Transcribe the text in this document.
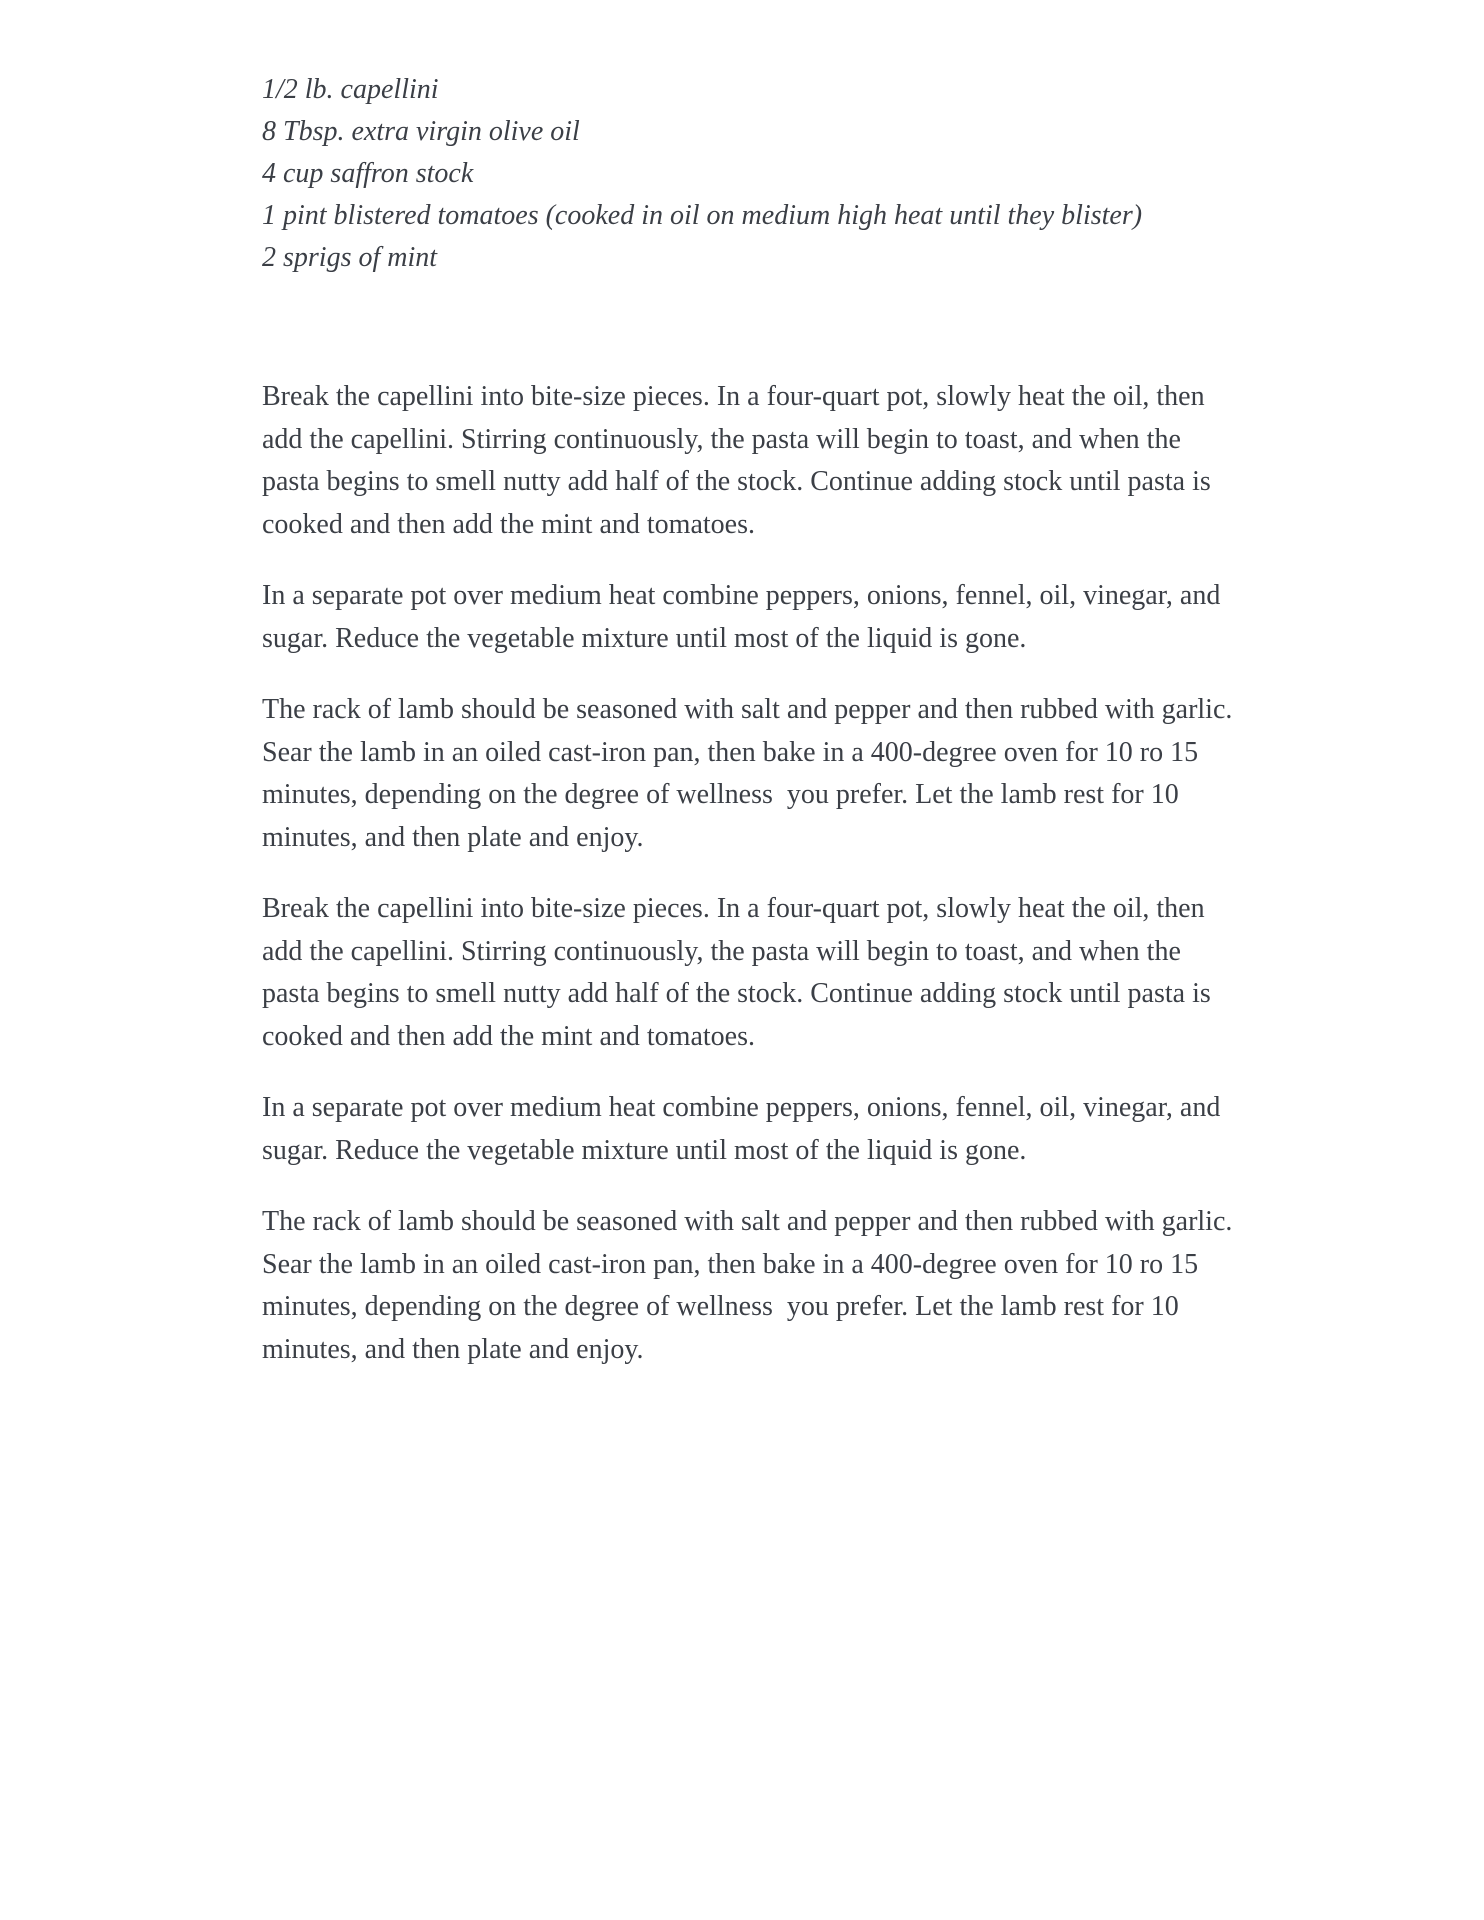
1/2 lb. capellini
8 Tbsp. extra virgin olive oil
4 cup saffron stock
1 pint blistered tomatoes (cooked in oil on medium high heat until they blister)
2 sprigs of mint
Break the capellini into bite-size pieces. In a four-quart pot, slowly heat the oil, then
add the capellini. Stirring continuously, the pasta will begin to toast, and when the
pasta begins to smell nutty add half of the stock. Continue adding stock until pasta is
cooked and then add the mint and tomatoes.
In a separate pot over medium heat combine peppers, onions, fennel, oil, vinegar, and
sugar. Reduce the vegetable mixture until most of the liquid is gone.
The rack of lamb should be seasoned with salt and pepper and then rubbed with garlic.
Sear the lamb in an oiled cast-iron pan, then bake in a 400-degree oven for 10 ro 15
minutes, depending on the degree of wellness  you prefer. Let the lamb rest for 10
minutes, and then plate and enjoy.
Break the capellini into bite-size pieces. In a four-quart pot, slowly heat the oil, then
add the capellini. Stirring continuously, the pasta will begin to toast, and when the
pasta begins to smell nutty add half of the stock. Continue adding stock until pasta is
cooked and then add the mint and tomatoes.
In a separate pot over medium heat combine peppers, onions, fennel, oil, vinegar, and
sugar. Reduce the vegetable mixture until most of the liquid is gone.
The rack of lamb should be seasoned with salt and pepper and then rubbed with garlic.
Sear the lamb in an oiled cast-iron pan, then bake in a 400-degree oven for 10 ro 15
minutes, depending on the degree of wellness  you prefer. Let the lamb rest for 10
minutes, and then plate and enjoy.
